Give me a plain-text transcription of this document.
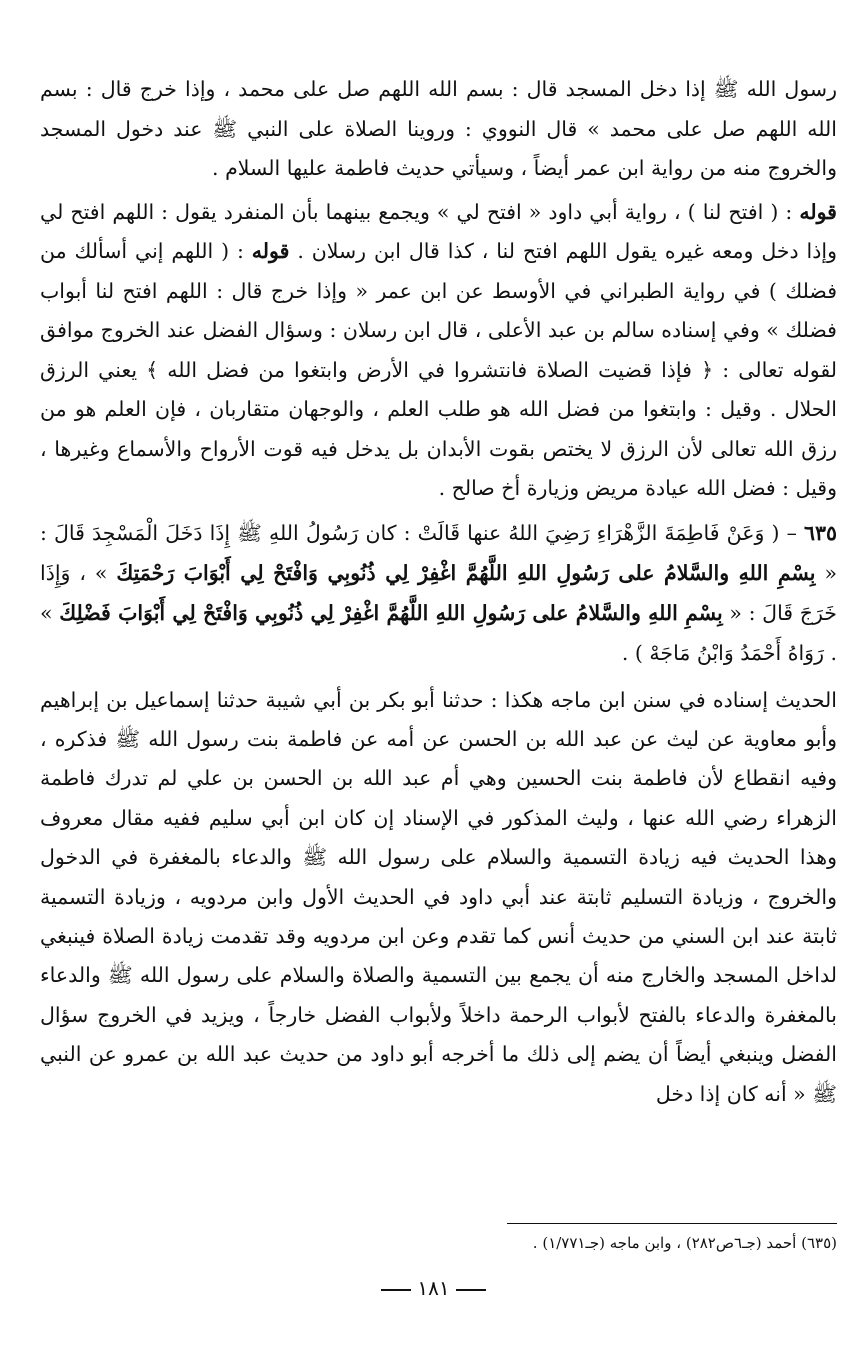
رسول الله ﷺ إذا دخل المسجد قال : بسم الله اللهم صل على محمد ، وإذا خرج قال : بسم الله اللهم صل على محمد » قال النووي : وروينا الصلاة على النبي ﷺ عند دخول المسجد والخروج منه من رواية ابن عمر أيضاً ، وسيأتي حديث فاطمة عليها السلام .

قوله : ( افتح لنا ) ، رواية أبي داود « افتح لي » ويجمع بينهما بأن المنفرد يقول : اللهم افتح لي وإذا دخل ومعه غيره يقول اللهم افتح لنا ، كذا قال ابن رسلان . قوله : ( اللهم إني أسألك من فضلك ) في رواية الطبراني في الأوسط عن ابن عمر « وإذا خرج قال : اللهم افتح لنا أبواب فضلك » وفي إسناده سالم بن عبد الأعلى ، قال ابن رسلان : وسؤال الفضل عند الخروج موافق لقوله تعالى : ﴿ فإذا قضيت الصلاة فانتشروا في الأرض وابتغوا من فضل الله ﴾ يعني الرزق الحلال . وقيل : وابتغوا من فضل الله هو طلب العلم ، والوجهان متقاربان ، فإن العلم هو من رزق الله تعالى لأن الرزق لا يختص بقوت الأبدان بل يدخل فيه قوت الأرواح والأسماع وغيرها ، وقيل : فضل الله عيادة مريض وزيارة أخ صالح .

٦٣٥ – ( وَعَنْ فَاطِمَةَ الزَّهْرَاءِ رَضِيَ اللهُ عنها قَالَتْ : كان رَسُولُ اللهِ ﷺ إِذَا دَخَلَ الْمَسْجِدَ قَالَ : « بِسْمِ اللهِ والسَّلامُ على رَسُولِ اللهِ اللَّهُمَّ اغْفِرْ لِي ذُنُوبِي وَافْتَحْ لِي أَبْوَابَ رَحْمَتِكَ » ، وَإِذَا خَرَجَ قَالَ : « بِسْمِ اللهِ والسَّلامُ على رَسُولِ اللهِ اللَّهُمَّ اغْفِرْ لِي ذُنُوبِي وَافْتَحْ لِي أَبْوَابَ فَضْلِكَ » . رَوَاهُ أَحْمَدُ وَابْنُ مَاجَهْ ) .

الحديث إسناده في سنن ابن ماجه هكذا : حدثنا أبو بكر بن أبي شيبة حدثنا إسماعيل بن إبراهيم وأبو معاوية عن ليث عن عبد الله بن الحسن عن أمه عن فاطمة بنت رسول الله ﷺ فذكره ، وفيه انقطاع لأن فاطمة بنت الحسين وهي أم عبد الله بن الحسن بن علي لم تدرك فاطمة الزهراء رضي الله عنها ، وليث المذكور في الإسناد إن كان ابن أبي سليم ففيه مقال معروف وهذا الحديث فيه زيادة التسمية والسلام على رسول الله ﷺ والدعاء بالمغفرة في الدخول والخروج ، وزيادة التسليم ثابتة عند أبي داود في الحديث الأول وابن مردويه ، وزيادة التسمية ثابتة عند ابن السني من حديث أنس كما تقدم وعن ابن مردويه وقد تقدمت زيادة الصلاة فينبغي لداخل المسجد والخارج منه أن يجمع بين التسمية والصلاة والسلام على رسول الله ﷺ والدعاء بالمغفرة والدعاء بالفتح لأبواب الرحمة داخلاً ولأبواب الفضل خارجاً ، ويزيد في الخروج سؤال الفضل وينبغي أيضاً أن يضم إلى ذلك ما أخرجه أبو داود من حديث عبد الله بن عمرو عن النبي ﷺ « أنه كان إذا دخل

(٦٣٥) أحمد (جـ٦ص٢٨٢) ، وابن ماجه (جـ١/٧٧١) .
١٨١
